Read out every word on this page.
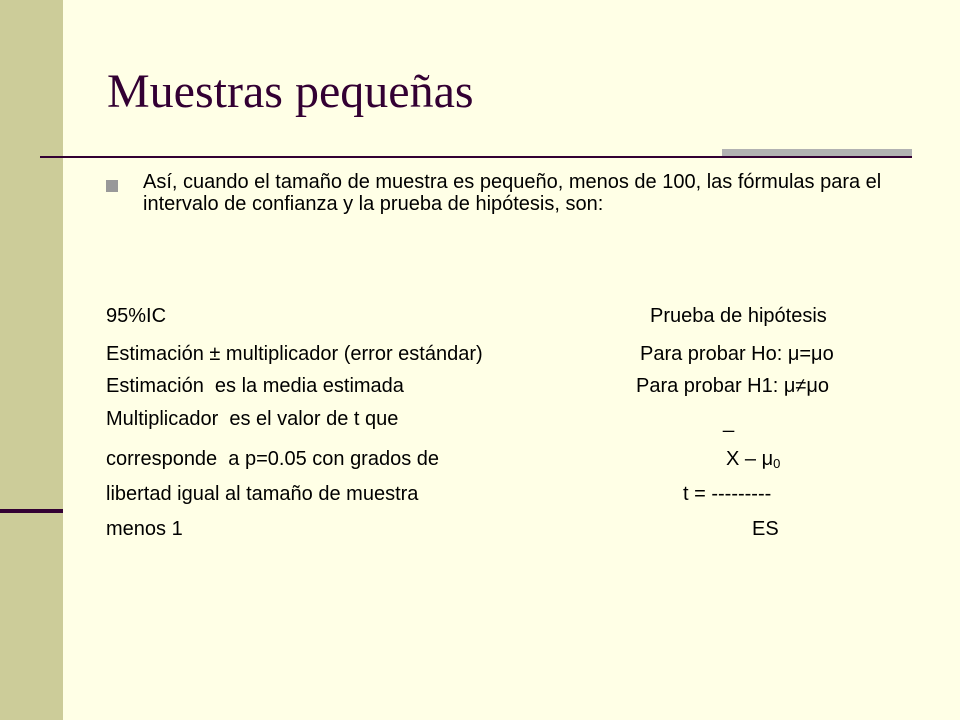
Muestras pequeñas

Así, cuando el tamaño de muestra es pequeño, menos de 100, las fórmulas para el intervalo de confianza y la prueba de hipótesis, son:

95%IC

Estimación ± multiplicador (error estándar)

Estimación  es la media estimada

Multiplicador  es el valor de t que

corresponde  a p=0.05 con grados de

libertad igual al tamaño de muestra

menos 1

Prueba de hipótesis

Para probar Ho: μ=μo

Para probar H1: μ≠μo

_

X – μ0

t = ---------

ES
